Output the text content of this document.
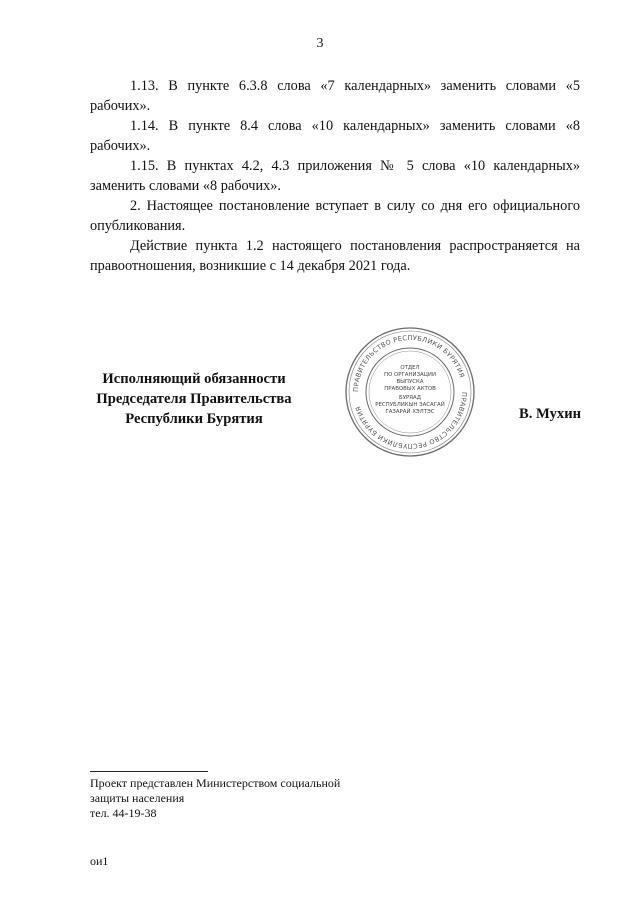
3

1.13. В пункте 6.3.8 слова «7 календарных» заменить словами «5 рабочих».

1.14. В пункте 8.4 слова «10 календарных» заменить словами «8 рабочих».

1.15. В пунктах 4.2, 4.3 приложения № 5 слова «10 календарных» заменить словами «8 рабочих».

2. Настоящее постановление вступает в силу со дня его официального опубликования.

Действие пункта 1.2 настоящего постановления распространяется на правоотношения, возникшие с 14 декабря 2021 года.

Исполняющий обязанности
Председателя Правительства
Республики Бурятия
ПРАВИТЕЛЬСТВО РЕСПУБЛИКИ БУРЯТИЯ
ПРАВИТЕЛЬСТВО РЕСПУБЛИКИ БУРЯТИЯ
ОТДЕЛ
ПО ОРГАНИЗАЦИИ
ВЫПУСКА
ПРАВОВЫХ АКТОВ
БУРЯАД
РЕСПУБЛИКЫН ЗАСАГАЙ
ГАЗАРАЙ ХЭЛТЭС	В. Мухин
Проект представлен Министерством социальной
защиты населения
тел. 44-19-38
ои1
